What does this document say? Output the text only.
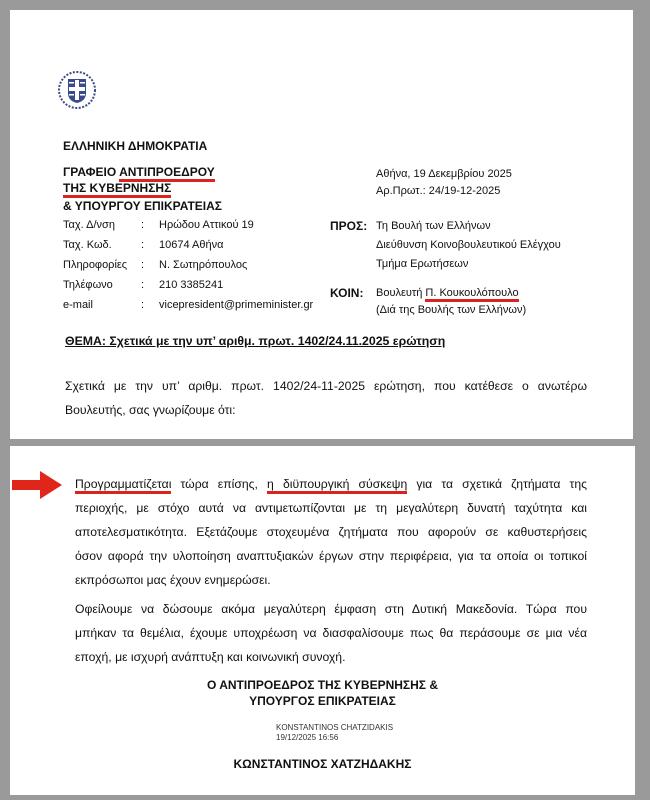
ΕΛΛΗΝΙΚΗ ΔΗΜΟΚΡΑΤΙΑ
ΓΡΑΦΕΙΟ ΑΝΤΙΠΡΟΕΔΡΟΥ
ΤΗΣ ΚΥΒΕΡΝΗΣΗΣ
& ΥΠΟΥΡΓΟΥ ΕΠΙΚΡΑΤΕΙΑΣ
Ταχ. Δ/νση : Ηρώδου Αττικού 19
Ταχ. Κωδ.	: 10674 Αθήνα
Πληροφορίες : Ν. Σωτηρόπουλος
Τηλέφωνο	: 210 3385241
e-mail	: vicepresident@primeminister.gr
Αθήνα, 19 Δεκεμβρίου 2025
Αρ.Πρωτ.: 24/19-12-2025
ΠΡΟΣ: Τη Βουλή των Ελλήνων
Διεύθυνση Κοινοβουλευτικού Ελέγχου
Τμήμα Ερωτήσεων
ΚΟΙΝ: Βουλευτή Π. Κουκουλόπουλο
(Διά της Βουλής των Ελλήνων)
ΘΕΜΑ: Σχετικά με την υπ’ αριθμ. πρωτ. 1402/24.11.2025 ερώτηση
Σχετικά με την υπ’ αριθμ. πρωτ. 1402/24-11-2025 ερώτηση, που κατέθεσε ο ανωτέρω
Βουλευτής, σας γνωρίζουμε ότι:
Προγραμματίζεται τώρα επίσης, η διϋπουργική σύσκεψη για τα σχετικά ζητήματα της
περιοχής, με στόχο αυτά να αντιμετωπίζονται με τη μεγαλύτερη δυνατή ταχύτητα και
αποτελεσματικότητα. Εξετάζουμε στοχευμένα ζητήματα που αφορούν σε καθυστερήσεις
όσον αφορά την υλοποίηση αναπτυξιακών έργων στην περιφέρεια, για τα οποία οι τοπικοί
εκπρόσωποι μας έχουν ενημερώσει.
Οφείλουμε να δώσουμε ακόμα μεγαλύτερη έμφαση στη Δυτική Μακεδονία. Τώρα που
μπήκαν τα θεμέλια, έχουμε υποχρέωση να διασφαλίσουμε πως θα περάσουμε σε μια νέα
εποχή, με ισχυρή ανάπτυξη και κοινωνική συνοχή.
Ο ΑΝΤΙΠΡΟΕΔΡΟΣ ΤΗΣ ΚΥΒΕΡΝΗΣΗΣ &
ΥΠΟΥΡΓΟΣ ΕΠΙΚΡΑΤΕΙΑΣ
KONSTANTINOS CHATZIDAKIS
19/12/2025 16:56
ΚΩΝΣΤΑΝΤΙΝΟΣ ΧΑΤΖΗΔΑΚΗΣ
